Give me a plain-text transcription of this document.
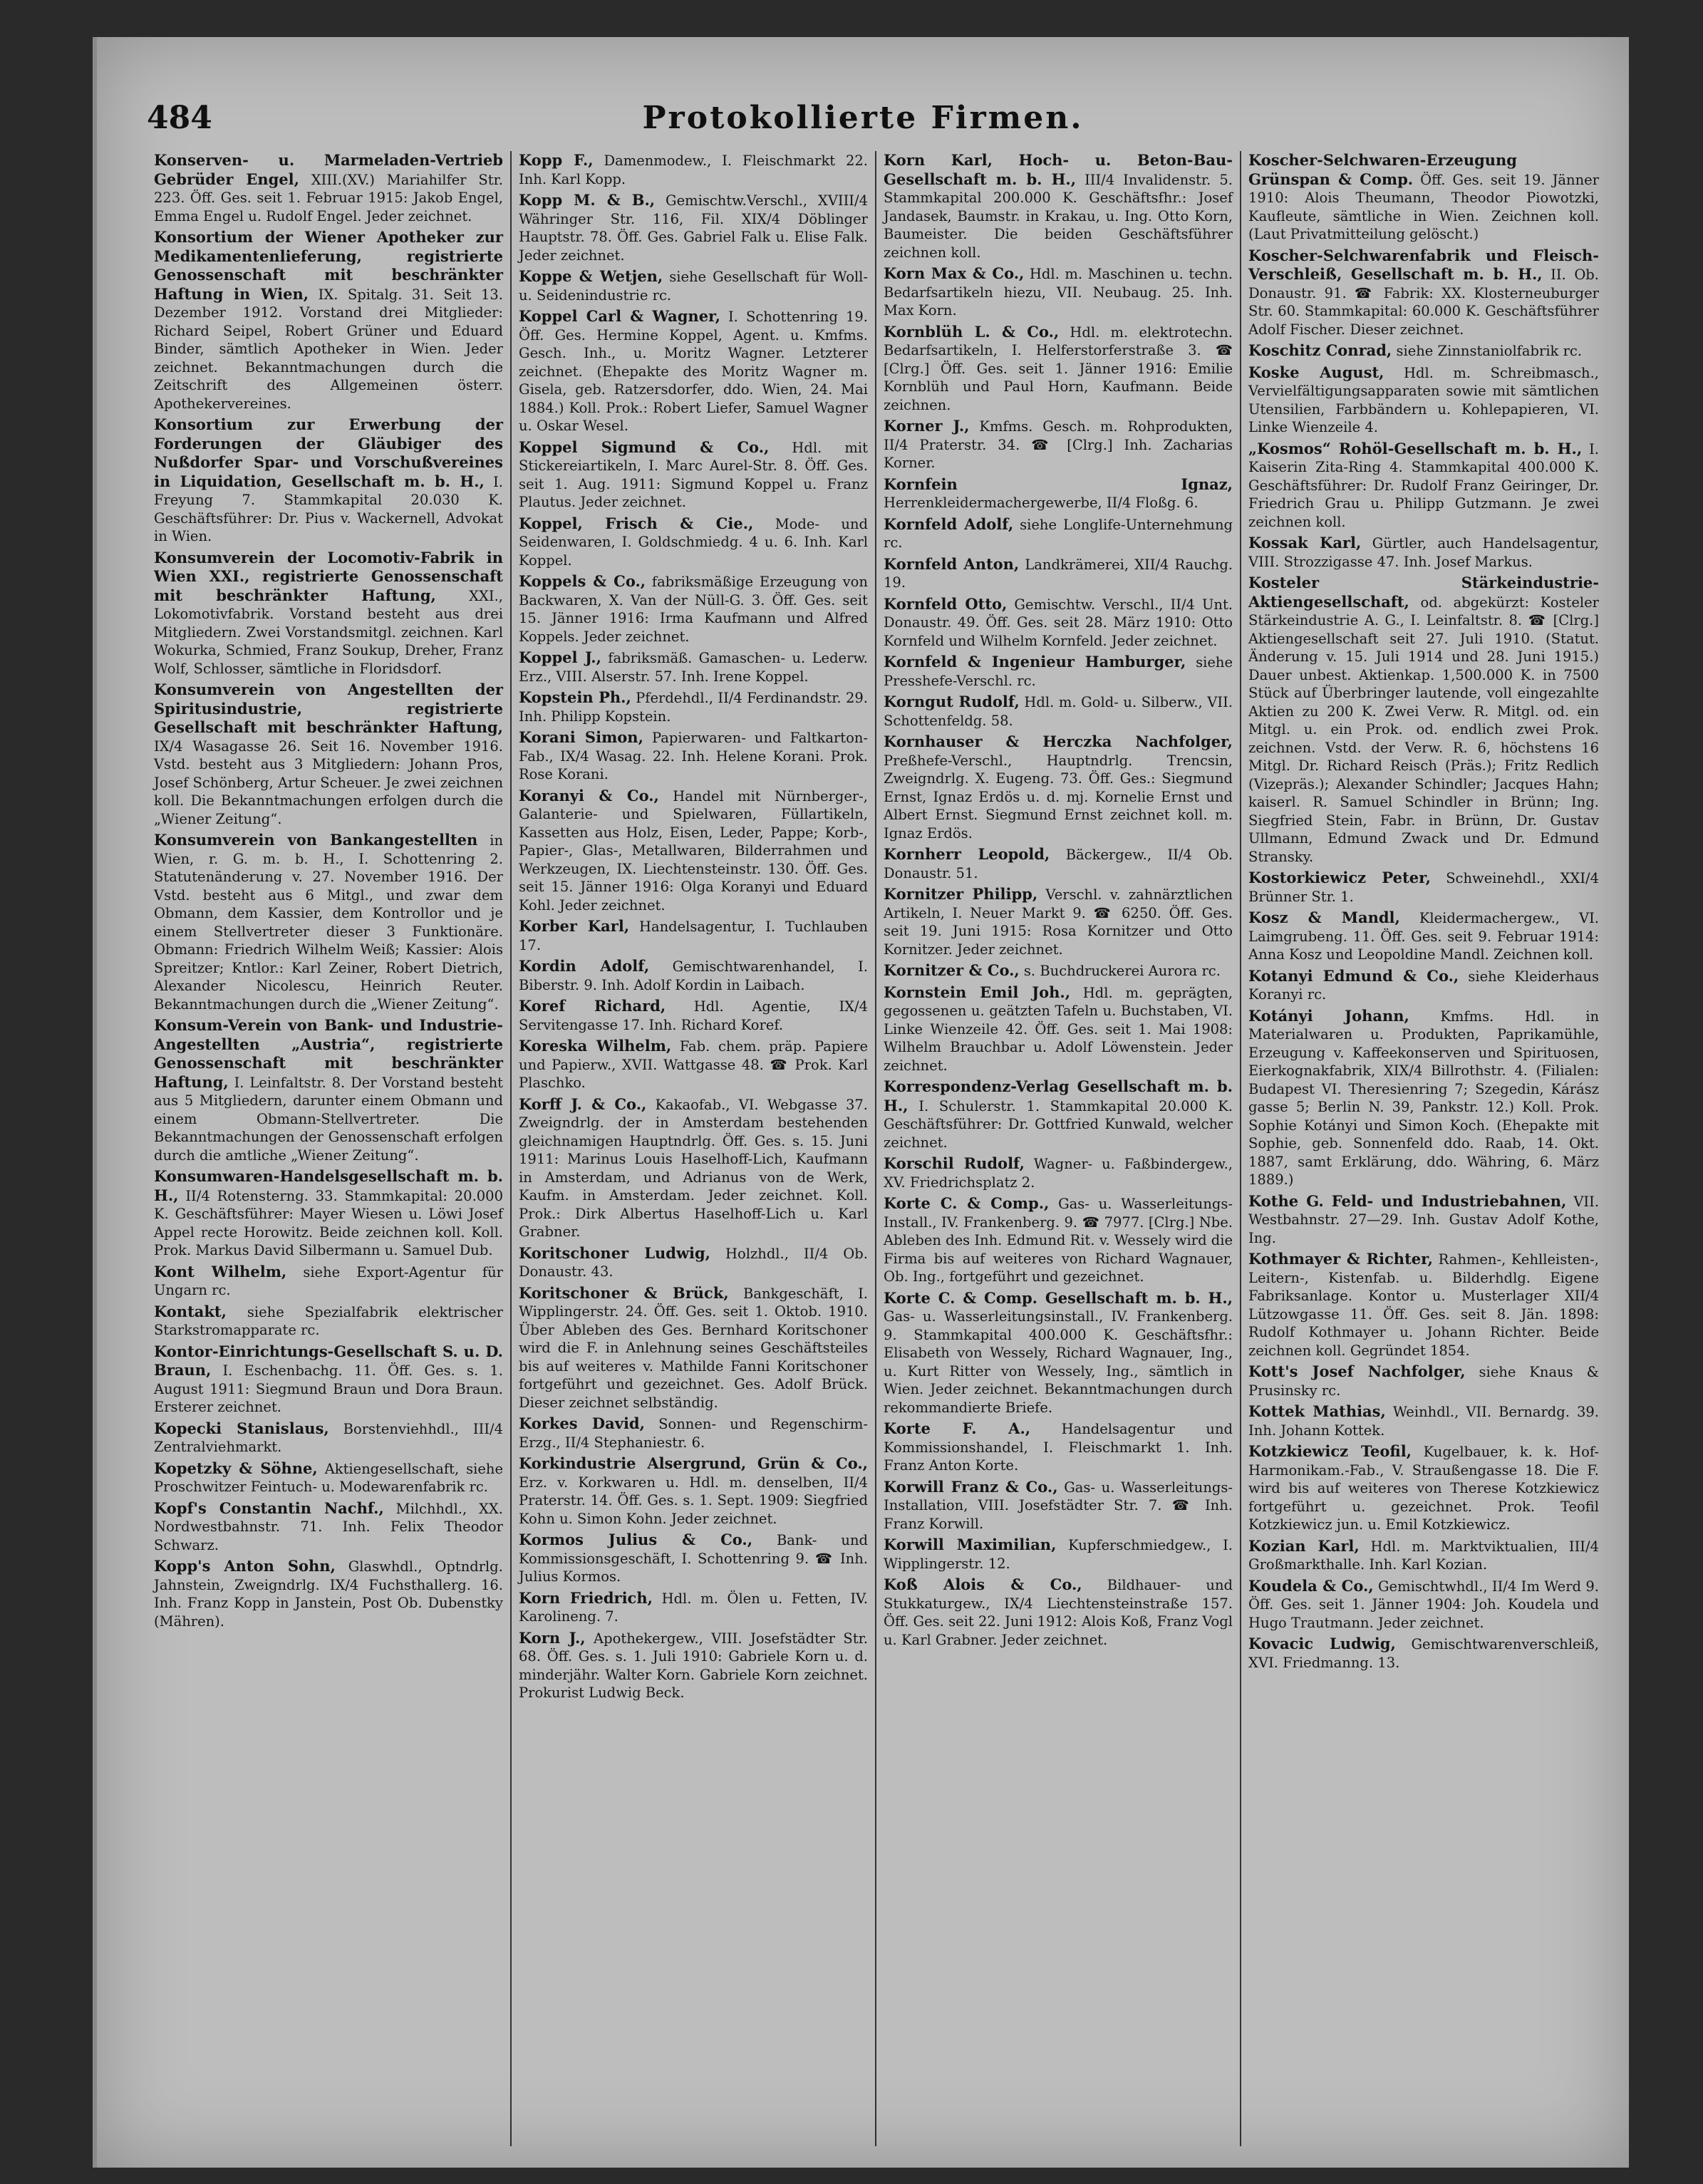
484	Protokollierte Firmen.

Konserven- u. Marmeladen-Vertrieb Gebrüder Engel, XIII.(XV.) Mariahilfer Str. 223. Öff. Ges. seit 1. Februar 1915: Jakob Engel, Emma Engel u. Rudolf Engel. Jeder zeichnet.

Konsortium der Wiener Apotheker zur Medikamentenlieferung, registrierte Genossenschaft mit beschränkter Haftung in Wien, IX. Spitalg. 31. Seit 13. Dezember 1912. Vorstand drei Mitglieder: Richard Seipel, Robert Grüner und Eduard Binder, sämtlich Apotheker in Wien. Jeder zeichnet. Bekanntmachungen durch die Zeitschrift des Allgemeinen österr. Apothekervereines.

Konsortium zur Erwerbung der Forderungen der Gläubiger des Nußdorfer Spar- und Vorschußvereines in Liquidation, Gesellschaft m. b. H., I. Freyung 7. Stammkapital 20.030 K. Geschäftsführer: Dr. Pius v. Wackernell, Advokat in Wien.

Konsumverein der Locomotiv-Fabrik in Wien XXI., registrierte Genossenschaft mit beschränkter Haftung, XXI., Lokomotivfabrik. Vorstand besteht aus drei Mitgliedern. Zwei Vorstandsmitgl. zeichnen. Karl Wokurka, Schmied, Franz Soukup, Dreher, Franz Wolf, Schlosser, sämtliche in Floridsdorf.

Konsumverein von Angestellten der Spiritusindustrie, registrierte Gesellschaft mit beschränkter Haftung, IX/4 Wasagasse 26. Seit 16. November 1916. Vstd. besteht aus 3 Mitgliedern: Johann Pros, Josef Schönberg, Artur Scheuer. Je zwei zeichnen koll. Die Bekanntmachungen erfolgen durch die „Wiener Zeitung“.

Konsumverein von Bankangestellten in Wien, r. G. m. b. H., I. Schottenring 2. Statutenänderung v. 27. November 1916. Der Vstd. besteht aus 6 Mitgl., und zwar dem Obmann, dem Kassier, dem Kontrollor und je einem Stellvertreter dieser 3 Funktionäre. Obmann: Friedrich Wilhelm Weiß; Kassier: Alois Spreitzer; Kntlor.: Karl Zeiner, Robert Dietrich, Alexander Nicolescu, Heinrich Reuter. Bekanntmachungen durch die „Wiener Zeitung“.

Konsum-Verein von Bank- und Industrie-Angestellten „Austria“, registrierte Genossenschaft mit beschränkter Haftung, I. Leinfaltstr. 8. Der Vorstand besteht aus 5 Mitgliedern, darunter einem Obmann und einem Obmann-Stellvertreter. Die Bekanntmachungen der Genossenschaft erfolgen durch die amtliche „Wiener Zeitung“.

Konsumwaren-Handelsgesellschaft m. b. H., II/4 Rotensterng. 33. Stammkapital: 20.000 K. Geschäftsführer: Mayer Wiesen u. Löwi Josef Appel recte Horowitz. Beide zeichnen koll. Koll. Prok. Markus David Silbermann u. Samuel Dub.

Kont Wilhelm, siehe Export-Agentur für Ungarn rc.

Kontakt, siehe Spezialfabrik elektrischer Starkstromapparate rc.

Kontor-Einrichtungs-Gesellschaft S. u. D. Braun, I. Eschenbachg. 11. Öff. Ges. s. 1. August 1911: Siegmund Braun und Dora Braun. Ersterer zeichnet.

Kopecki Stanislaus, Borstenviehhdl., III/4 Zentralviehmarkt.

Kopetzky & Söhne, Aktiengesellschaft, siehe Proschwitzer Feintuch- u. Modewarenfabrik rc.

Kopf's Constantin Nachf., Milchhdl., XX. Nordwestbahnstr. 71. Inh. Felix Theodor Schwarz.

Kopp's Anton Sohn, Glaswhdl., Optndrlg. Jahnstein, Zweigndrlg. IX/4 Fuchsthallerg. 16. Inh. Franz Kopp in Janstein, Post Ob. Dubenstky (Mähren).

Kopp F., Damenmodew., I. Fleischmarkt 22. Inh. Karl Kopp.

Kopp M. & B., Gemischtw.Verschl., XVIII/4 Währinger Str. 116, Fil. XIX/4 Döblinger Hauptstr. 78. Öff. Ges. Gabriel Falk u. Elise Falk. Jeder zeichnet.

Koppe & Wetjen, siehe Gesellschaft für Woll- u. Seidenindustrie rc.

Koppel Carl & Wagner, I. Schottenring 19. Öff. Ges. Hermine Koppel, Agent. u. Kmfms. Gesch. Inh., u. Moritz Wagner. Letzterer zeichnet. (Ehepakte des Moritz Wagner m. Gisela, geb. Ratzersdorfer, ddo. Wien, 24. Mai 1884.) Koll. Prok.: Robert Liefer, Samuel Wagner u. Oskar Wesel.

Koppel Sigmund & Co., Hdl. mit Stickereiartikeln, I. Marc Aurel-Str. 8. Öff. Ges. seit 1. Aug. 1911: Sigmund Koppel u. Franz Plautus. Jeder zeichnet.

Koppel, Frisch & Cie., Mode- und Seidenwaren, I. Goldschmiedg. 4 u. 6. Inh. Karl Koppel.

Koppels & Co., fabriksmäßige Erzeugung von Backwaren, X. Van der Nüll-G. 3. Öff. Ges. seit 15. Jänner 1916: Irma Kaufmann und Alfred Koppels. Jeder zeichnet.

Koppel J., fabriksmäß. Gamaschen- u. Lederw. Erz., VIII. Alserstr. 57. Inh. Irene Koppel.

Kopstein Ph., Pferdehdl., II/4 Ferdinandstr. 29. Inh. Philipp Kopstein.

Korani Simon, Papierwaren- und Faltkarton-Fab., IX/4 Wasag. 22. Inh. Helene Korani. Prok. Rose Korani.

Koranyi & Co., Handel mit Nürnberger-, Galanterie- und Spielwaren, Füllartikeln, Kassetten aus Holz, Eisen, Leder, Pappe; Korb-, Papier-, Glas-, Metallwaren, Bilderrahmen und Werkzeugen, IX. Liechtensteinstr. 130. Öff. Ges. seit 15. Jänner 1916: Olga Koranyi und Eduard Kohl. Jeder zeichnet.

Korber Karl, Handelsagentur, I. Tuchlauben 17.

Kordin Adolf, Gemischtwarenhandel, I. Biberstr. 9. Inh. Adolf Kordin in Laibach.

Koref Richard, Hdl. Agentie, IX/4 Servitengasse 17. Inh. Richard Koref.

Koreska Wilhelm, Fab. chem. präp. Papiere und Papierw., XVII. Wattgasse 48. ☎ Prok. Karl Plaschko.

Korff J. & Co., Kakaofab., VI. Webgasse 37. Zweigndrlg. der in Amsterdam bestehenden gleichnamigen Hauptndrlg. Öff. Ges. s. 15. Juni 1911: Marinus Louis Haselhoff-Lich, Kaufmann in Amsterdam, und Adrianus von de Werk, Kaufm. in Amsterdam. Jeder zeichnet. Koll. Prok.: Dirk Albertus Haselhoff-Lich u. Karl Grabner.

Koritschoner Ludwig, Holzhdl., II/4 Ob. Donaustr. 43.

Koritschoner & Brück, Bankgeschäft, I. Wipplingerstr. 24. Öff. Ges. seit 1. Oktob. 1910. Über Ableben des Ges. Bernhard Koritschoner wird die F. in Anlehnung seines Geschäftsteiles bis auf weiteres v. Mathilde Fanni Koritschoner fortgeführt und gezeichnet. Ges. Adolf Brück. Dieser zeichnet selbständig.

Korkes David, Sonnen- und Regenschirm-Erzg., II/4 Stephaniestr. 6.

Korkindustrie Alsergrund, Grün & Co., Erz. v. Korkwaren u. Hdl. m. denselben, II/4 Praterstr. 14. Öff. Ges. s. 1. Sept. 1909: Siegfried Kohn u. Simon Kohn. Jeder zeichnet.

Kormos Julius & Co., Bank- und Kommissionsgeschäft, I. Schottenring 9. ☎ Inh. Julius Kormos.

Korn Friedrich, Hdl. m. Ölen u. Fetten, IV. Karolineng. 7.

Korn J., Apothekergew., VIII. Josefstädter Str. 68. Öff. Ges. s. 1. Juli 1910: Gabriele Korn u. d. minderjähr. Walter Korn. Gabriele Korn zeichnet. Prokurist Ludwig Beck.

Korn Karl, Hoch- u. Beton-Bau-Gesellschaft m. b. H., III/4 Invalidenstr. 5. Stammkapital 200.000 K. Geschäftsfhr.: Josef Jandasek, Baumstr. in Krakau, u. Ing. Otto Korn, Baumeister. Die beiden Geschäftsführer zeichnen koll.

Korn Max & Co., Hdl. m. Maschinen u. techn. Bedarfsartikeln hiezu, VII. Neubaug. 25. Inh. Max Korn.

Kornblüh L. & Co., Hdl. m. elektrotechn. Bedarfsartikeln, I. Helferstorferstraße 3. ☎ [Clrg.] Öff. Ges. seit 1. Jänner 1916: Emilie Kornblüh und Paul Horn, Kaufmann. Beide zeichnen.

Korner J., Kmfms. Gesch. m. Rohprodukten, II/4 Praterstr. 34. ☎ [Clrg.] Inh. Zacharias Korner.

Kornfein Ignaz, Herrenkleidermachergewerbe, II/4 Floßg. 6.

Kornfeld Adolf, siehe Longlife-Unternehmung rc.

Kornfeld Anton, Landkrämerei, XII/4 Rauchg. 19.

Kornfeld Otto, Gemischtw. Verschl., II/4 Unt. Donaustr. 49. Öff. Ges. seit 28. März 1910: Otto Kornfeld und Wilhelm Kornfeld. Jeder zeichnet.

Kornfeld & Ingenieur Hamburger, siehe Presshefe-Verschl. rc.

Korngut Rudolf, Hdl. m. Gold- u. Silberw., VII. Schottenfeldg. 58.

Kornhauser & Herczka Nachfolger, Preßhefe-Verschl., Hauptndrlg. Trencsin, Zweigndrlg. X. Eugeng. 73. Öff. Ges.: Siegmund Ernst, Ignaz Erdös u. d. mj. Kornelie Ernst und Albert Ernst. Siegmund Ernst zeichnet koll. m. Ignaz Erdös.

Kornherr Leopold, Bäckergew., II/4 Ob. Donaustr. 51.

Kornitzer Philipp, Verschl. v. zahnärztlichen Artikeln, I. Neuer Markt 9. ☎ 6250. Öff. Ges. seit 19. Juni 1915: Rosa Kornitzer und Otto Kornitzer. Jeder zeichnet.

Kornitzer & Co., s. Buchdruckerei Aurora rc.

Kornstein Emil Joh., Hdl. m. geprägten, gegossenen u. geätzten Tafeln u. Buchstaben, VI. Linke Wienzeile 42. Öff. Ges. seit 1. Mai 1908: Wilhelm Brauchbar u. Adolf Löwenstein. Jeder zeichnet.

Korrespondenz-Verlag Gesellschaft m. b. H., I. Schulerstr. 1. Stammkapital 20.000 K. Geschäftsführer: Dr. Gottfried Kunwald, welcher zeichnet.

Korschil Rudolf, Wagner- u. Faßbindergew., XV. Friedrichsplatz 2.

Korte C. & Comp., Gas- u. Wasserleitungs-Install., IV. Frankenberg. 9. ☎ 7977. [Clrg.] Nbe. Ableben des Inh. Edmund Rit. v. Wessely wird die Firma bis auf weiteres von Richard Wagnauer, Ob. Ing., fortgeführt und gezeichnet.

Korte C. & Comp. Gesellschaft m. b. H., Gas- u. Wasserleitungsinstall., IV. Frankenberg. 9. Stammkapital 400.000 K. Geschäftsfhr.: Elisabeth von Wessely, Richard Wagnauer, Ing., u. Kurt Ritter von Wessely, Ing., sämtlich in Wien. Jeder zeichnet. Bekanntmachungen durch rekommandierte Briefe.

Korte F. A., Handelsagentur und Kommissionshandel, I. Fleischmarkt 1. Inh. Franz Anton Korte.

Korwill Franz & Co., Gas- u. Wasserleitungs-Installation, VIII. Josefstädter Str. 7. ☎ Inh. Franz Korwill.

Korwill Maximilian, Kupferschmiedgew., I. Wipplingerstr. 12.

Koß Alois & Co., Bildhauer- und Stukkaturgew., IX/4 Liechtensteinstraße 157. Öff. Ges. seit 22. Juni 1912: Alois Koß, Franz Vogl u. Karl Grabner. Jeder zeichnet.

Koscher-Selchwaren-Erzeugung Grünspan & Comp. Öff. Ges. seit 19. Jänner 1910: Alois Theumann, Theodor Piowotzki, Kaufleute, sämtliche in Wien. Zeichnen koll. (Laut Privatmitteilung gelöscht.)

Koscher-Selchwarenfabrik und Fleisch-Verschleiß, Gesellschaft m. b. H., II. Ob. Donaustr. 91. ☎ Fabrik: XX. Klosterneuburger Str. 60. Stammkapital: 60.000 K. Geschäftsführer Adolf Fischer. Dieser zeichnet.

Koschitz Conrad, siehe Zinnstaniolfabrik rc.

Koske August, Hdl. m. Schreibmasch., Vervielfältigungsapparaten sowie mit sämtlichen Utensilien, Farbbändern u. Kohlepapieren, VI. Linke Wienzeile 4.

„Kosmos“ Rohöl-Gesellschaft m. b. H., I. Kaiserin Zita-Ring 4. Stammkapital 400.000 K. Geschäftsführer: Dr. Rudolf Franz Geiringer, Dr. Friedrich Grau u. Philipp Gutzmann. Je zwei zeichnen koll.

Kossak Karl, Gürtler, auch Handelsagentur, VIII. Strozzigasse 47. Inh. Josef Markus.

Kosteler Stärkeindustrie-Aktiengesellschaft, od. abgekürzt: Kosteler Stärkeindustrie A. G., I. Leinfaltstr. 8. ☎ [Clrg.] Aktiengesellschaft seit 27. Juli 1910. (Statut. Änderung v. 15. Juli 1914 und 28. Juni 1915.) Dauer unbest. Aktienkap. 1,500.000 K. in 7500 Stück auf Überbringer lautende, voll eingezahlte Aktien zu 200 K. Zwei Verw. R. Mitgl. od. ein Mitgl. u. ein Prok. od. endlich zwei Prok. zeichnen. Vstd. der Verw. R. 6, höchstens 16 Mitgl. Dr. Richard Reisch (Präs.); Fritz Redlich (Vizepräs.); Alexander Schindler; Jacques Hahn; kaiserl. R. Samuel Schindler in Brünn; Ing. Siegfried Stein, Fabr. in Brünn, Dr. Gustav Ullmann, Edmund Zwack und Dr. Edmund Stransky.

Kostorkiewicz Peter, Schweinehdl., XXI/4 Brünner Str. 1.

Kosz & Mandl, Kleidermachergew., VI. Laimgrubeng. 11. Öff. Ges. seit 9. Februar 1914: Anna Kosz und Leopoldine Mandl. Zeichnen koll.

Kotanyi Edmund & Co., siehe Kleiderhaus Koranyi rc.

Kotányi Johann, Kmfms. Hdl. in Materialwaren u. Produkten, Paprikamühle, Erzeugung v. Kaffeekonserven und Spirituosen, Eierkognakfabrik, XIX/4 Billrothstr. 4. (Filialen: Budapest VI. Theresienring 7; Szegedin, Kárász gasse 5; Berlin N. 39, Pankstr. 12.) Koll. Prok. Sophie Kotányi und Simon Koch. (Ehepakte mit Sophie, geb. Sonnenfeld ddo. Raab, 14. Okt. 1887, samt Erklärung, ddo. Währing, 6. März 1889.)

Kothe G. Feld- und Industriebahnen, VII. Westbahnstr. 27—29. Inh. Gustav Adolf Kothe, Ing.

Kothmayer & Richter, Rahmen-, Kehlleisten-, Leitern-, Kistenfab. u. Bilderhdlg. Eigene Fabriksanlage. Kontor u. Musterlager XII/4 Lützowgasse 11. Öff. Ges. seit 8. Jän. 1898: Rudolf Kothmayer u. Johann Richter. Beide zeichnen koll. Gegründet 1854.

Kott's Josef Nachfolger, siehe Knaus & Prusinsky rc.

Kottek Mathias, Weinhdl., VII. Bernardg. 39. Inh. Johann Kottek.

Kotzkiewicz Teofil, Kugelbauer, k. k. Hof-Harmonikam.-Fab., V. Straußengasse 18. Die F. wird bis auf weiteres von Therese Kotzkiewicz fortgeführt u. gezeichnet. Prok. Teofil Kotzkiewicz jun. u. Emil Kotzkiewicz.

Kozian Karl, Hdl. m. Marktviktualien, III/4 Großmarkthalle. Inh. Karl Kozian.

Koudela & Co., Gemischtwhdl., II/4 Im Werd 9. Öff. Ges. seit 1. Jänner 1904: Joh. Koudela und Hugo Trautmann. Jeder zeichnet.

Kovacic Ludwig, Gemischtwarenverschleiß, XVI. Friedmanng. 13.
